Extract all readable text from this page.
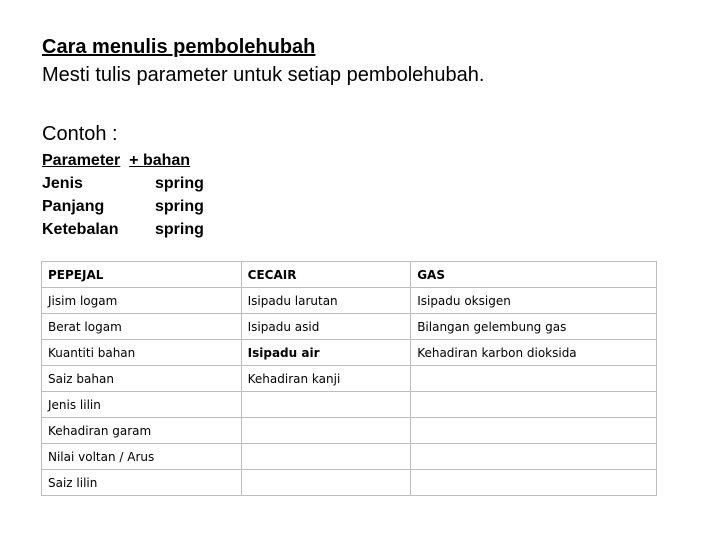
Cara menulis pembolehubah
Mesti tulis parameter untuk setiap pembolehubah.
Contoh :
Parameter
+ bahan
Jenis	spring
Panjang	spring
Ketebalan	spring
PEPEJAL	CECAIR	GAS
Jisim logam	Isipadu larutan	Isipadu oksigen
Berat logam	Isipadu asid	Bilangan gelembung gas
Kuantiti bahan	Isipadu air	Kehadiran karbon dioksida
Saiz bahan	Kehadiran kanji	
Jenis lilin		
Kehadiran garam		
Nilai voltan / Arus		
Saiz lilin		
